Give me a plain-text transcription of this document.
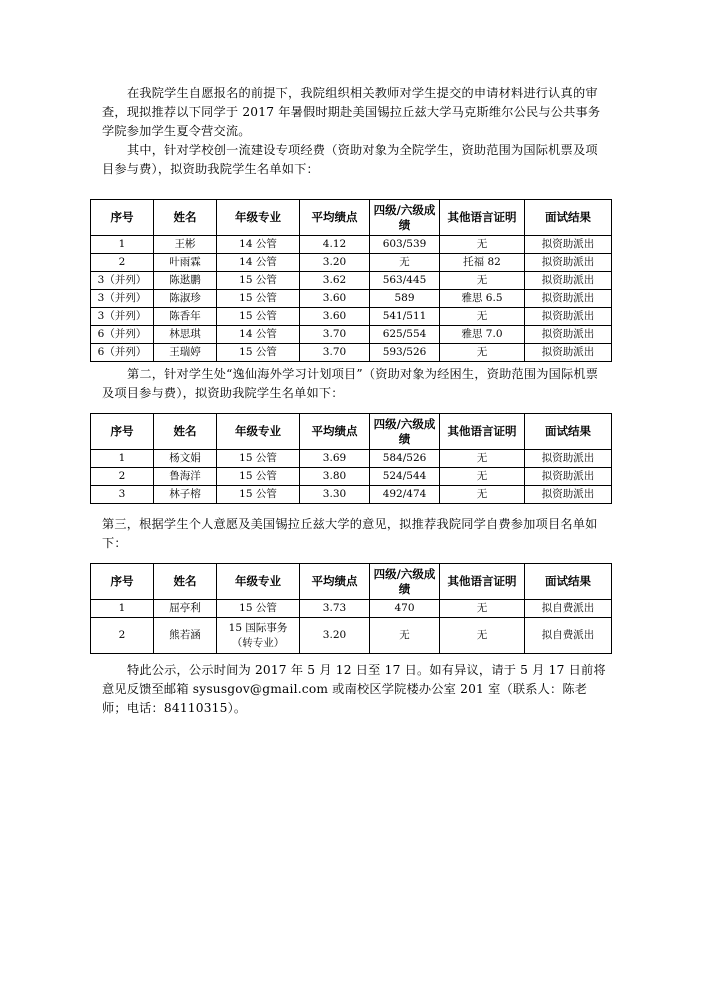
在我院学生自愿报名的前提下，我院组织相关教师对学生提交的申请材料进行认真的审查，现拟推荐以下同学于 2017 年暑假时期赴美国锡拉丘兹大学马克斯维尔公民与公共事务学院参加学生夏令营交流。

其中，针对学校创一流建设专项经费（资助对象为全院学生，资助范围为国际机票及项目参与费），拟资助我院学生名单如下：

序号	姓名	年级专业	平均绩点	四级/六级成绩	其他语言证明	面试结果
1	王彬	14 公管	4.12	603/539	无	拟资助派出
2	叶雨霖	14 公管	3.20	无	托福 82	拟资助派出
3（并列）	陈逖鹏	15 公管	3.62	563/445	无	拟资助派出
3（并列）	陈淑珍	15 公管	3.60	589	雅思 6.5	拟资助派出
3（并列）	陈香年	15 公管	3.60	541/511	无	拟资助派出
6（并列）	林思琪	14 公管	3.70	625/554	雅思 7.0	拟资助派出
6（并列）	王瑞婷	15 公管	3.70	593/526	无	拟资助派出

第二，针对学生处“逸仙海外学习计划项目”（资助对象为经困生，资助范围为国际机票及项目参与费），拟资助我院学生名单如下：

序号	姓名	年级专业	平均绩点	四级/六级成绩	其他语言证明	面试结果
1	杨文娟	15 公管	3.69	584/526	无	拟资助派出
2	鲁海洋	15 公管	3.80	524/544	无	拟资助派出
3	林子榕	15 公管	3.30	492/474	无	拟资助派出

第三，根据学生个人意愿及美国锡拉丘兹大学的意见，拟推荐我院同学自费参加项目名单如下：

序号	姓名	年级专业	平均绩点	四级/六级成绩	其他语言证明	面试结果
1	屈亭利	15 公管	3.73	470	无	拟自费派出
2	熊若涵	15 国际事务
（转专业）	3.20	无	无	拟自费派出

特此公示，公示时间为 2017 年 5 月 12 日至 17 日。如有异议，请于 5 月 17 日前将意见反馈至邮箱 sysusgov@gmail.com 或南校区学院楼办公室 201 室（联系人：陈老师；电话：84110315）。
